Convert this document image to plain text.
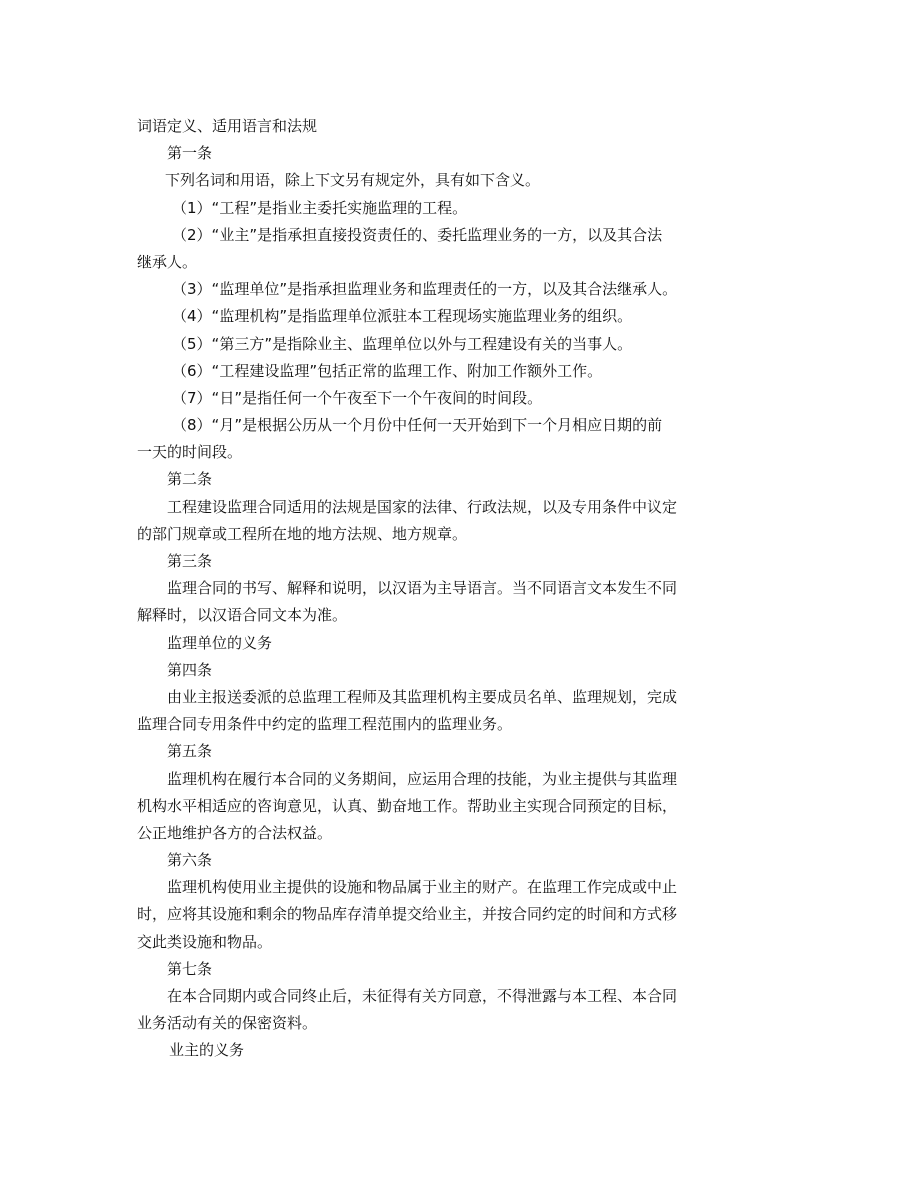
词语定义、适用语言和法规

第一条

下列名词和用语，除上下文另有规定外，具有如下含义。

（1）“工程”是指业主委托实施监理的工程。

（2）“业主”是指承担直接投资责任的、委托监理业务的一方，以及其合法

继承人。

（3）“监理单位”是指承担监理业务和监理责任的一方，以及其合法继承人。

（4）“监理机构”是指监理单位派驻本工程现场实施监理业务的组织。

（5）“第三方”是指除业主、监理单位以外与工程建设有关的当事人。

（6）“工程建设监理”包括正常的监理工作、附加工作额外工作。

（7）“日”是指任何一个午夜至下一个午夜间的时间段。

（8）“月”是根据公历从一个月份中任何一天开始到下一个月相应日期的前

一天的时间段。

第二条

工程建设监理合同适用的法规是国家的法律、行政法规，以及专用条件中议定

的部门规章或工程所在地的地方法规、地方规章。

第三条

监理合同的书写、解释和说明，以汉语为主导语言。当不同语言文本发生不同

解释时，以汉语合同文本为准。

监理单位的义务

第四条

由业主报送委派的总监理工程师及其监理机构主要成员名单、监理规划，完成

监理合同专用条件中约定的监理工程范围内的监理业务。

第五条

监理机构在履行本合同的义务期间，应运用合理的技能，为业主提供与其监理

机构水平相适应的咨询意见，认真、勤奋地工作。帮助业主实现合同预定的目标，

公正地维护各方的合法权益。

第六条

监理机构使用业主提供的设施和物品属于业主的财产。在监理工作完成或中止

时，应将其设施和剩余的物品库存清单提交给业主，并按合同约定的时间和方式移

交此类设施和物品。

第七条

在本合同期内或合同终止后，未征得有关方同意，不得泄露与本工程、本合同

业务活动有关的保密资料。

业主的义务
